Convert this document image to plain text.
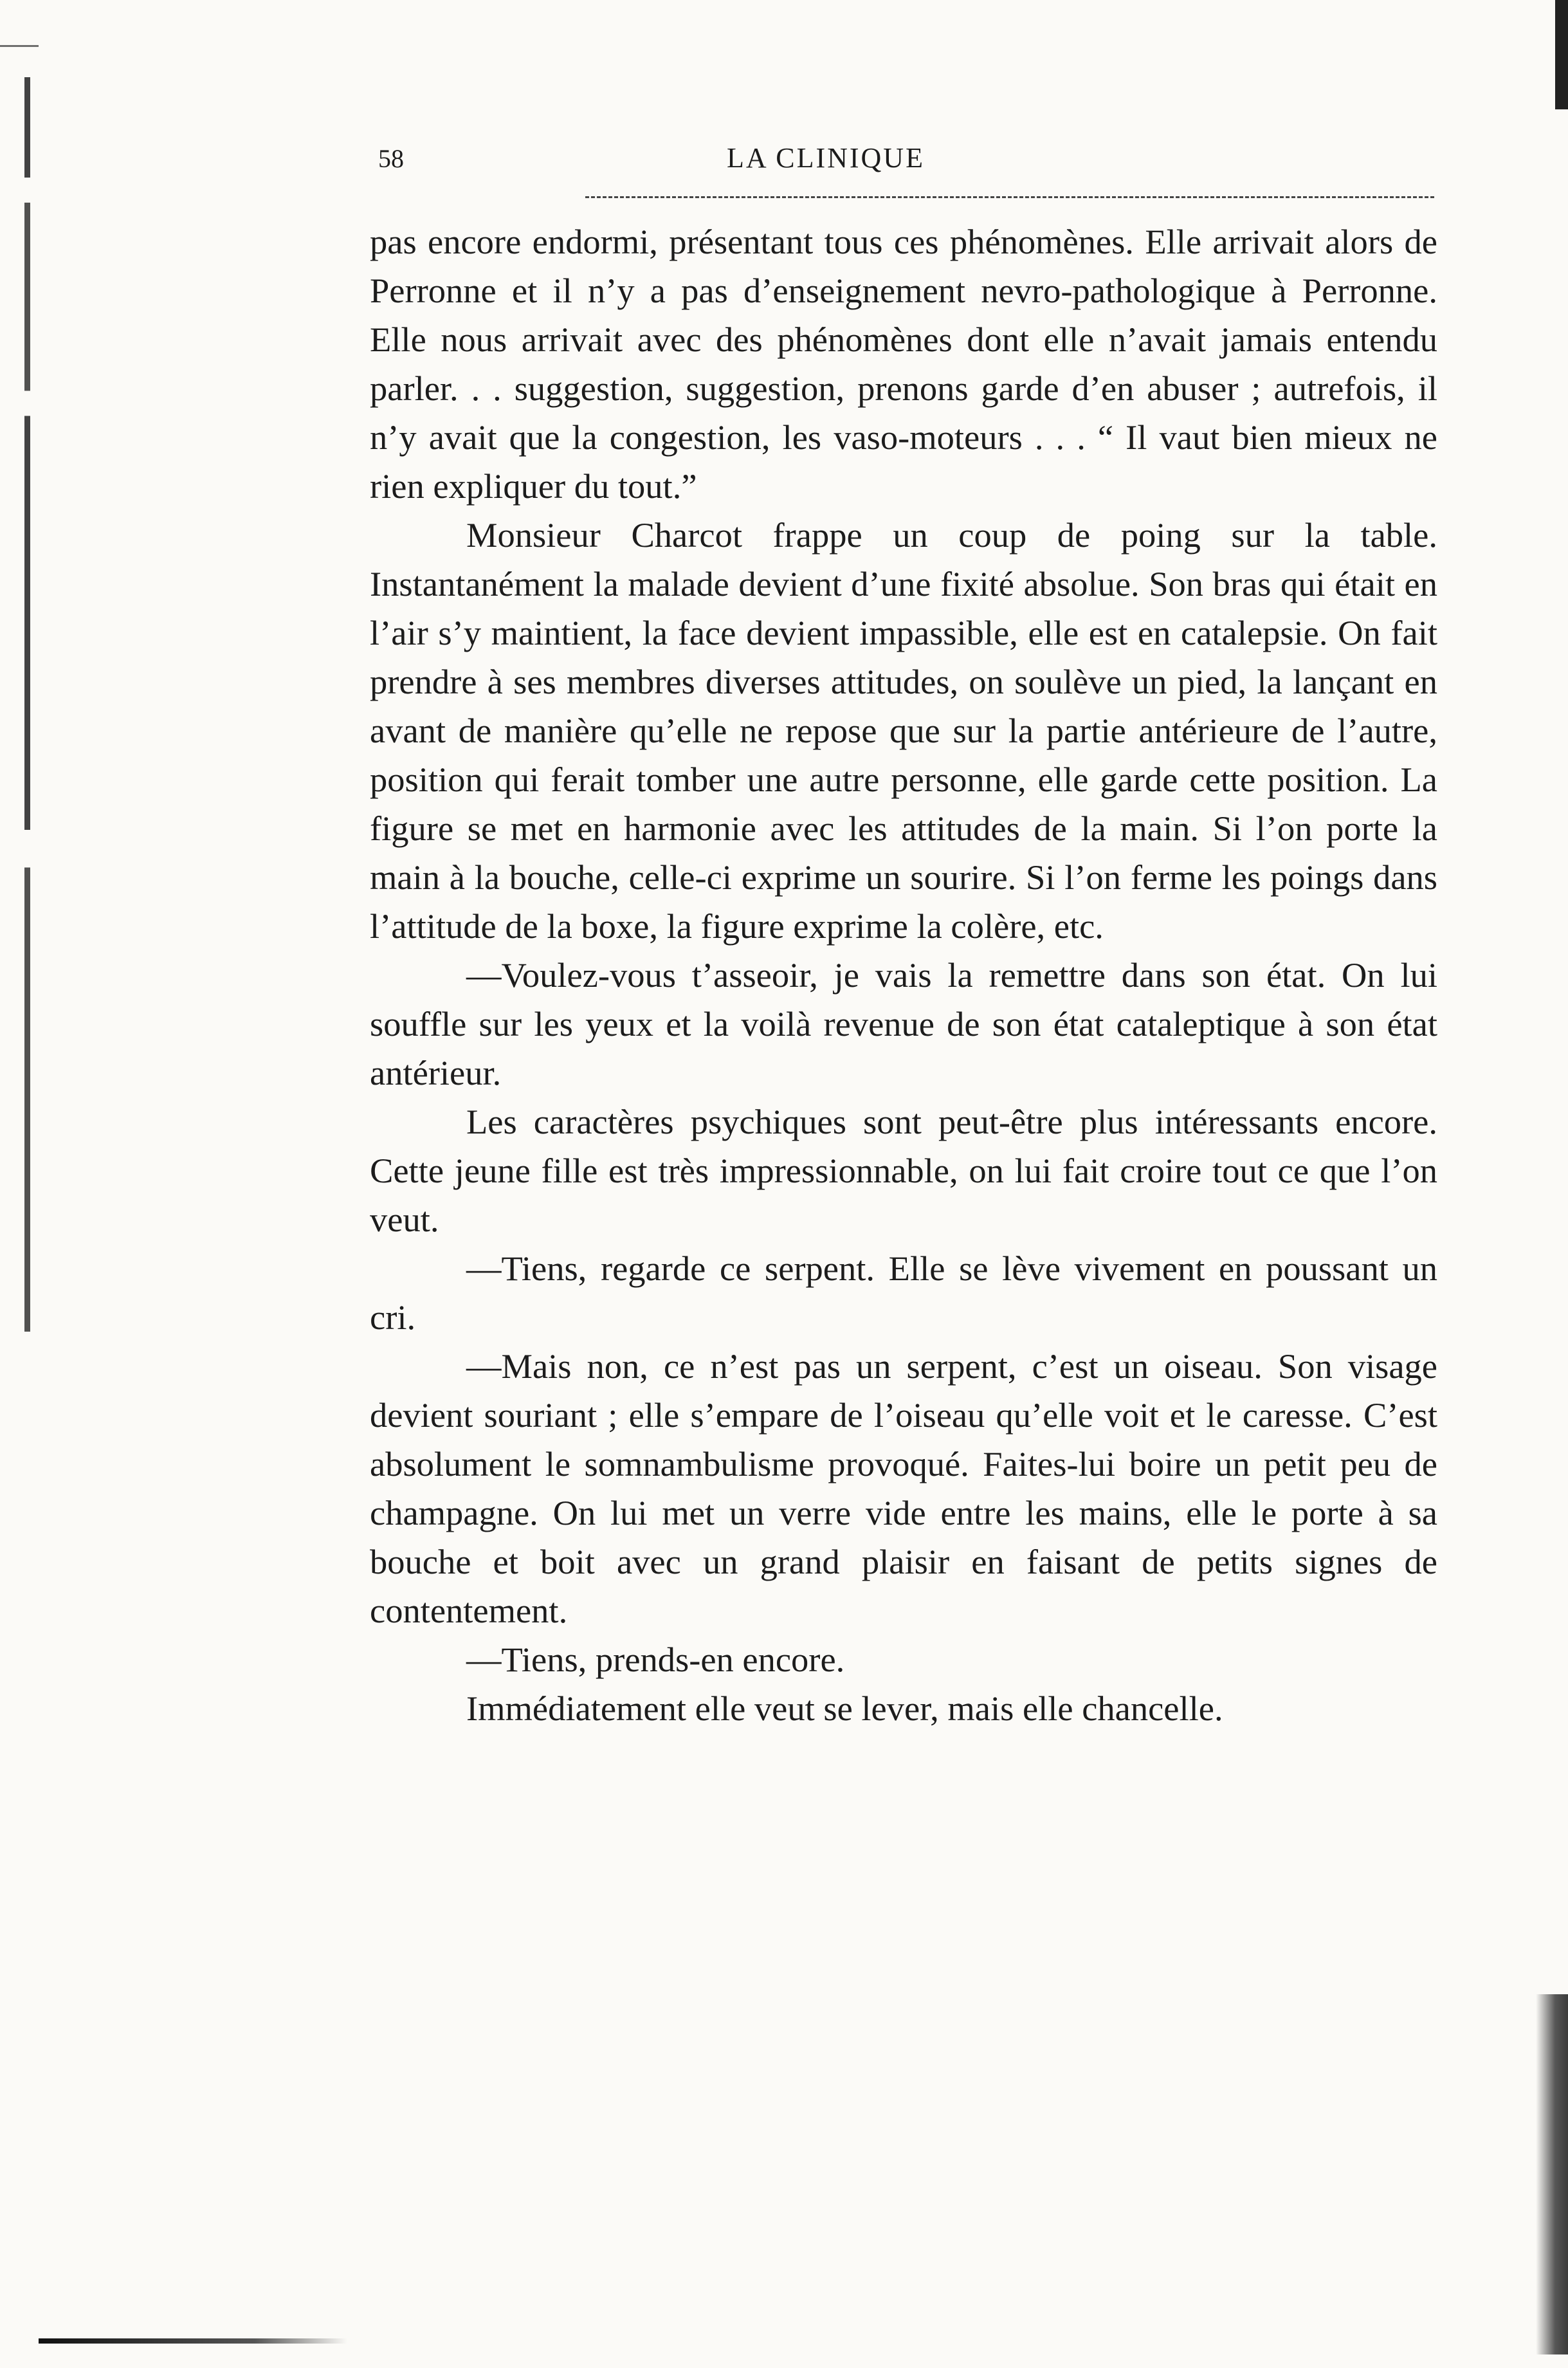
58	LA CLINIQUE

pas encore endormi, présentant tous ces phénomènes. Elle arrivait alors de Perronne et il n’y a pas d’enseignement nevro-pathologique à Perronne. Elle nous arrivait avec des phénomènes dont elle n’avait jamais entendu parler. . . suggestion, suggestion, prenons garde d’en abuser ; autrefois, il n’y avait que la congestion, les vaso-moteurs . . . “ Il vaut bien mieux ne rien expliquer du tout.”

Monsieur Charcot frappe un coup de poing sur la table. Instantanément la malade devient d’une fixité absolue. Son bras qui était en l’air s’y maintient, la face devient impassible, elle est en catalepsie. On fait prendre à ses membres diverses attitudes, on soulève un pied, la lançant en avant de manière qu’elle ne repose que sur la partie antérieure de l’autre, position qui ferait tomber une autre personne, elle garde cette position. La figure se met en harmonie avec les attitudes de la main. Si l’on porte la main à la bouche, celle-ci exprime un sourire. Si l’on ferme les poings dans l’attitude de la boxe, la figure exprime la colère, etc.

—Voulez-vous t’asseoir, je vais la remettre dans son état. On lui souffle sur les yeux et la voilà revenue de son état cataleptique à son état antérieur.

Les caractères psychiques sont peut-être plus intéressants encore. Cette jeune fille est très impressionnable, on lui fait croire tout ce que l’on veut.

—Tiens, regarde ce serpent. Elle se lève vivement en poussant un cri.

—Mais non, ce n’est pas un serpent, c’est un oiseau. Son visage devient souriant ; elle s’empare de l’oiseau qu’elle voit et le caresse. C’est absolument le somnambulisme provoqué. Faites-lui boire un petit peu de champagne. On lui met un verre vide entre les mains, elle le porte à sa bouche et boit avec un grand plaisir en faisant de petits signes de contentement.

—Tiens, prends-en encore.

Immédiatement elle veut se lever, mais elle chancelle.
